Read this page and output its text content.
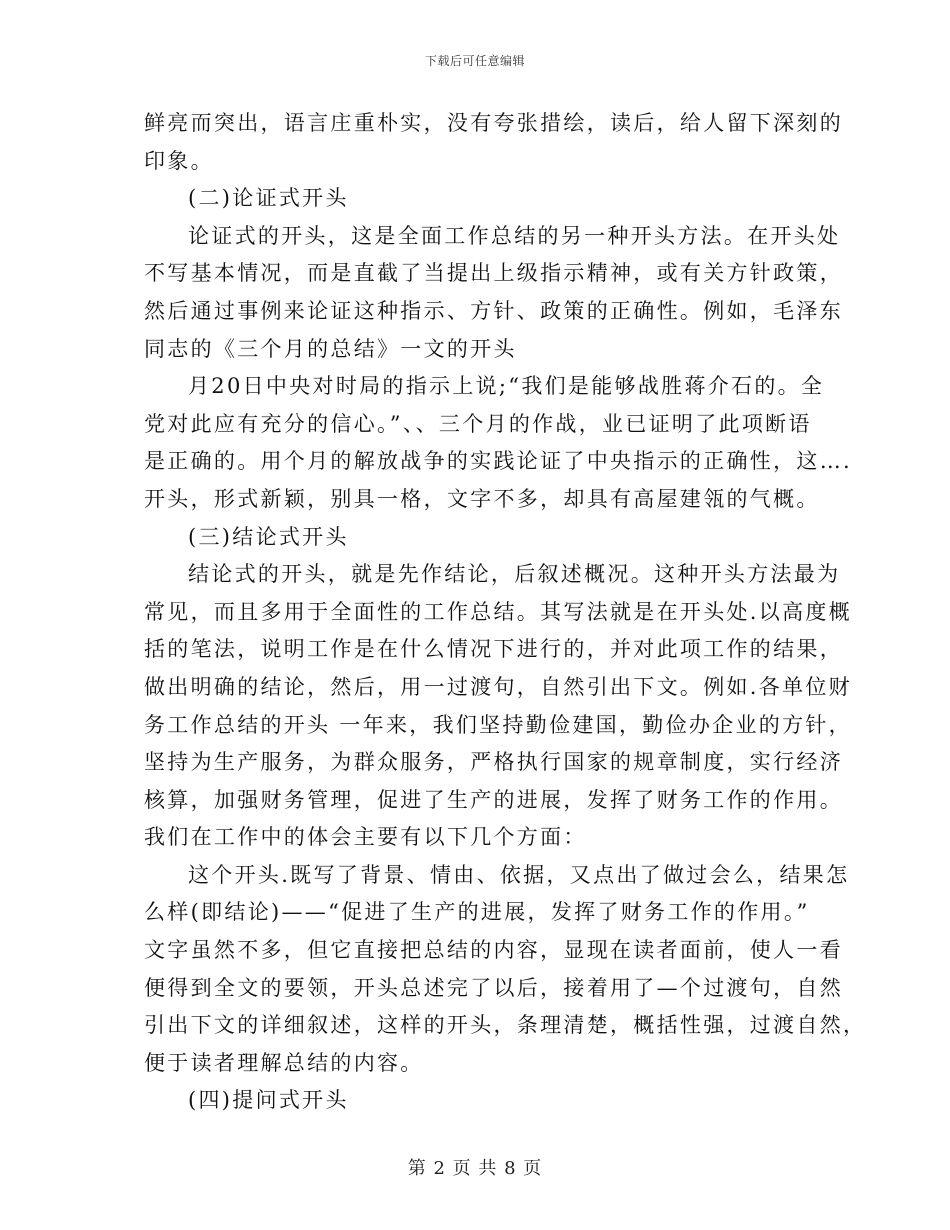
下载后可任意编辑
鲜亮而突出，语言庄重朴实，没有夸张措绘，读后，给人留下深刻的
印象。
(二)论证式开头
论证式的开头，这是全面工作总结的另一种开头方法。在开头处
不写基本情况，而是直截了当提出上级指示精神，或有关方针政策，
然后通过事例来论证这种指示、方针、政策的正确性。例如，毛泽东
同志的《三个月的总结》一文的开头
月20日中央对时局的指示上说;“我们是能够战胜蒋介石的。全
党对此应有充分的信心。”、、三个月的作战，业已证明了此项断语
是正确的。用个月的解放战争的实践论证了中央指示的正确性，这….
开头，形式新颖，别具一格，文字不多，却具有高屋建瓴的气概。
(三)结论式开头
结论式的开头，就是先作结论，后叙述概况。这种开头方法最为
常见，而且多用于全面性的工作总结。其写法就是在开头处.以高度概
括的笔法，说明工作是在什么情况下进行的，并对此项工作的结果，
做出明确的结论，然后，用一过渡句，自然引出下文。例如.各单位财
务工作总结的开头 一年来，我们坚持勤俭建国，勤俭办企业的方针，
坚持为生产服务，为群众服务，严格执行国家的规章制度，实行经济
核算，加强财务管理，促进了生产的进展，发挥了财务工作的作用。
我们在工作中的体会主要有以下几个方面：
这个开头.既写了背景、情由、依据，又点出了做过会么，结果怎
么样(即结论)——“促进了生产的进展，发挥了财务工作的作用。”
文字虽然不多，但它直接把总结的内容，显现在读者面前，使人一看
便得到全文的要领，开头总述完了以后，接着用了—个过渡句，自然
引出下文的详细叙述，这样的开头，条理清楚，概括性强，过渡自然，
便于读者理解总结的内容。
(四)提问式开头
第 2 页 共 8 页
